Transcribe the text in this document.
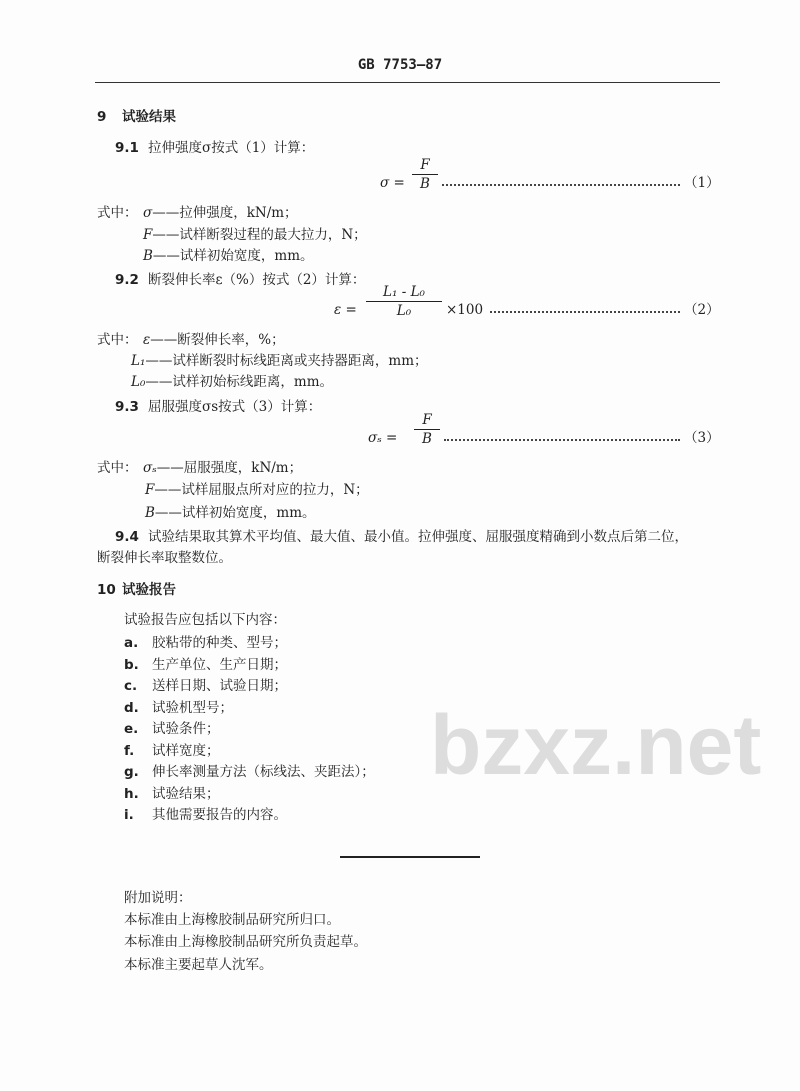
bzxz.net
GB 7753—87
9 试验结果
9.1 拉伸强度σ按式（1）计算：
$\sigma = \frac{F}{B}$	（1）
式中： σ——拉伸强度，kN/m；
F——试样断裂过程的最大拉力，N；
B——试样初始宽度，mm。
9.2 断裂伸长率ε（%）按式（2）计算：
$\varepsilon = \frac{\text{L₁ - L₀}}{\text{L₀}} \times 100$	（2）
式中： ε——断裂伸长率，%；
L₁——试样断裂时标线距离或夹持器距离，mm；
L₀——试样初始标线距离，mm。
9.3 屈服强度σs按式（3）计算：
$\sigma_s = \frac{F}{B}$	（3）
式中： σₛ——屈服强度，kN/m；
F——试样屈服点所对应的拉力，N；
B——试样初始宽度，mm。
9.4 试验结果取其算术平均值、最大值、最小值。拉伸强度、屈服强度精确到小数点后第二位，
断裂伸长率取整数位。
10 试验报告
试验报告应包括以下内容：
a. 胶粘带的种类、型号；
b. 生产单位、生产日期；
c. 送样日期、试验日期；
d. 试验机型号；
e. 试验条件；
f. 试样宽度；
g. 伸长率测量方法（标线法、夹距法）；
h. 试验结果；
i. 其他需要报告的内容。
附加说明：
本标准由上海橡胶制品研究所归口。
本标准由上海橡胶制品研究所负责起草。
本标准主要起草人沈军。
